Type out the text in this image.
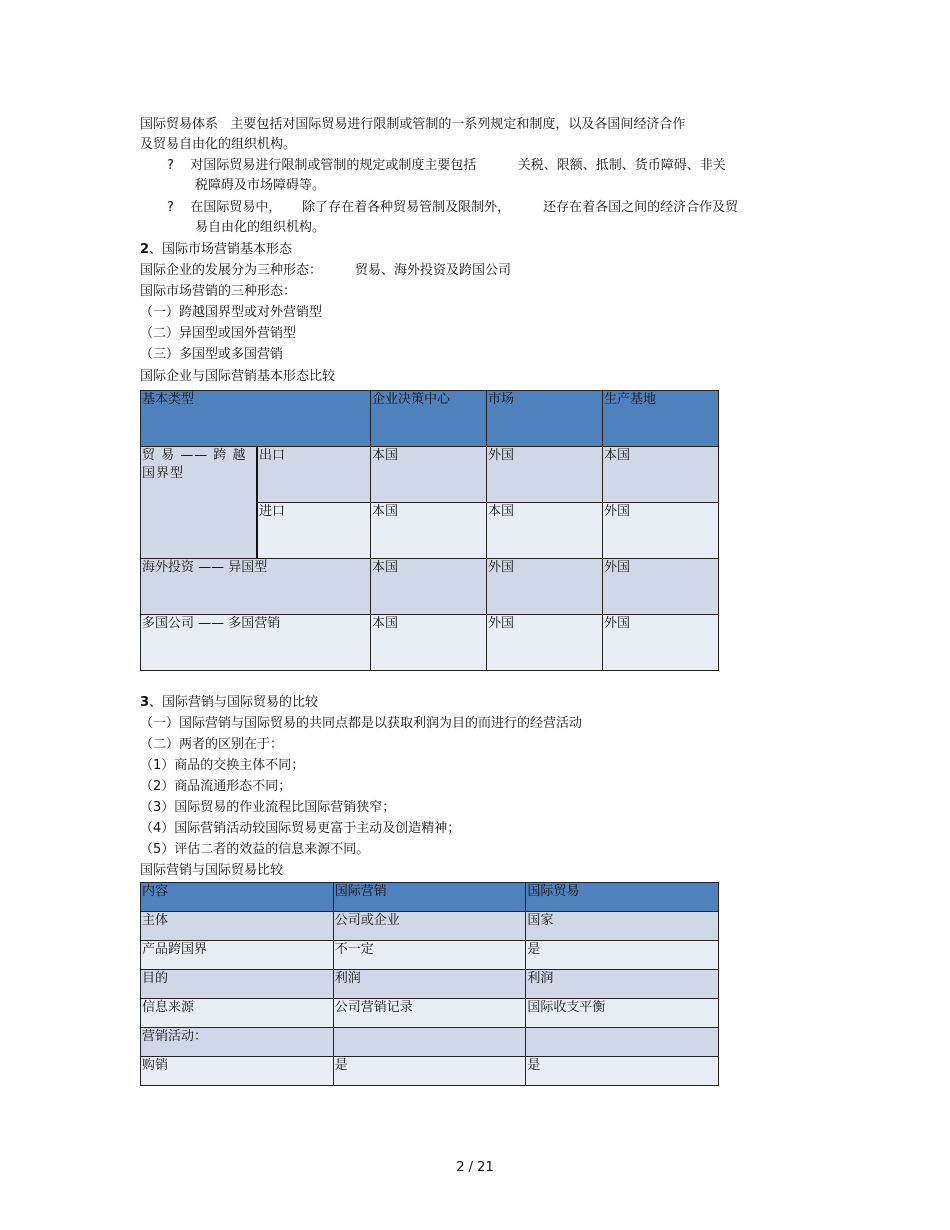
国际贸易体系   主要包括对国际贸易进行限制或管制的一系列规定和制度，以及各国间经济合作
及贸易自由化的组织机构。
?    对国际贸易进行限制或管制的规定或制度主要包括          关税、限额、抵制、货币障碍、非关
税障碍及市场障碍等。
?    在国际贸易中，     除了存在着各种贸易管制及限制外，        还存在着各国之间的经济合作及贸
易自由化的组织机构。
2、国际市场营销基本形态
国际企业的发展分为三种形态：        贸易、海外投资及跨国公司
国际市场营销的三种形态：
（一）跨越国界型或对外营销型
（二）异国型或国外营销型
（三）多国型或多国营销
国际企业与国际营销基本形态比较
基本类型		企业决策中心	市场	生产基地
贸 易 —— 跨 越 国界型	出口	本国	外国	本国
	进口	本国	本国	外国
海外投资 —— 异国型		本国	外国	外国
多国公司 —— 多国营销		本国	外国	外国
3、国际营销与国际贸易的比较
（一）国际营销与国际贸易的共同点都是以获取利润为目的而进行的经营活动
（二）两者的区别在于：
（1）商品的交换主体不同；
（2）商品流通形态不同；
（3）国际贸易的作业流程比国际营销狭窄；
（4）国际营销活动较国际贸易更富于主动及创造精神；
（5）评估二者的效益的信息来源不同。
国际营销与国际贸易比较
内容	国际营销	国际贸易
主体	公司或企业	国家
产品跨国界	不一定	是
目的	利润	利润
信息来源	公司营销记录	国际收支平衡
营销活动：		
购销	是	是
2 / 21
